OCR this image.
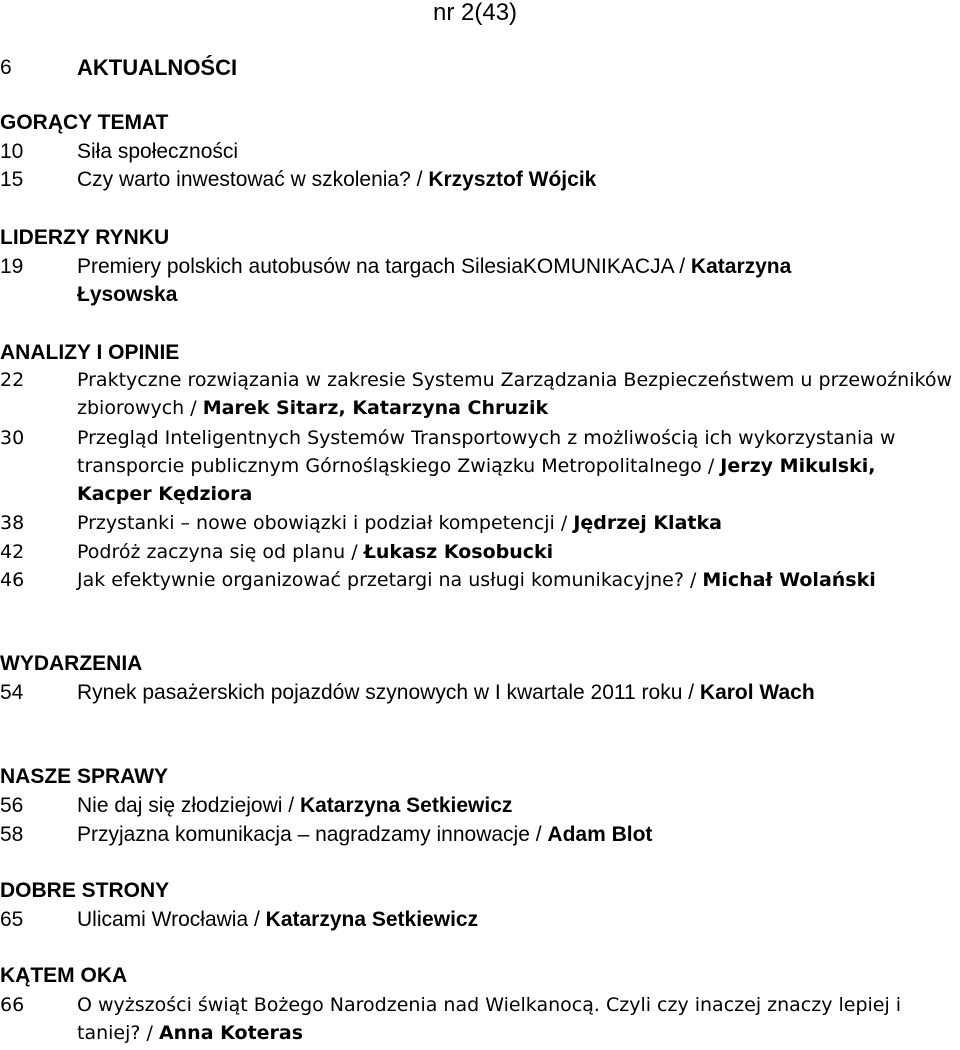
nr 2(43)
6	AKTUALNOŚCI
GORĄCY TEMAT
10	Siła społeczności
15	Czy warto inwestować w szkolenia? / Krzysztof Wójcik
LIDERZY RYNKU
19	Premiery polskich autobusów na targach SilesiaKOMUNIKACJA / Katarzyna Łysowska
ANALIZY I OPINIE
22	Praktyczne rozwiązania w zakresie Systemu Zarządzania Bezpieczeństwem u przewoźników zbiorowych / Marek Sitarz, Katarzyna Chruzik
30	Przegląd Inteligentnych Systemów Transportowych z możliwością ich wykorzystania w transporcie publicznym Górnośląskiego Związku Metropolitalnego / Jerzy Mikulski, Kacper Kędziora
38	Przystanki – nowe obowiązki i podział kompetencji / Jędrzej Klatka
42	Podróż zaczyna się od planu / Łukasz Kosobucki
46	Jak efektywnie organizować przetargi na usługi komunikacyjne? / Michał Wolański
WYDARZENIA
54	Rynek pasażerskich pojazdów szynowych w I kwartale 2011 roku / Karol Wach
NASZE SPRAWY
56	Nie daj się złodziejowi / Katarzyna Setkiewicz
58	Przyjazna komunikacja – nagradzamy innowacje / Adam Blot
DOBRE STRONY
65	Ulicami Wrocławia / Katarzyna Setkiewicz
KĄTEM OKA
66	O wyższości świąt Bożego Narodzenia nad Wielkanocą. Czyli czy inaczej znaczy lepiej i taniej? / Anna Koteras
